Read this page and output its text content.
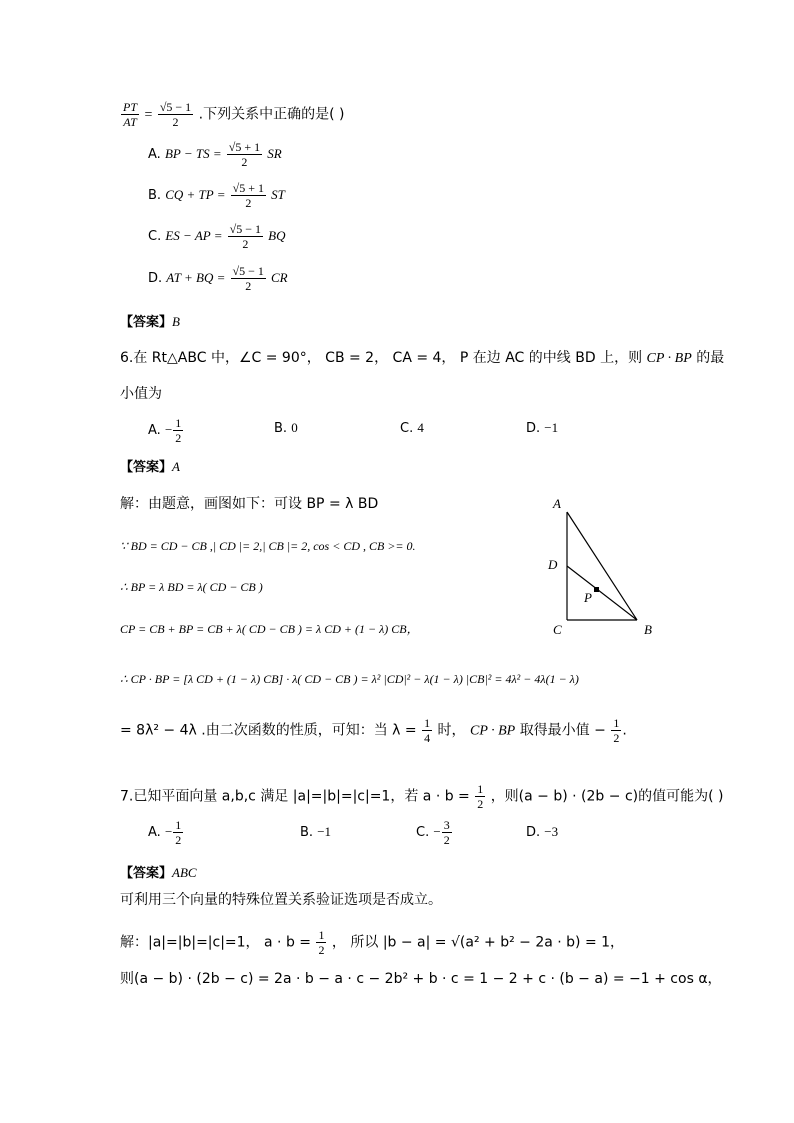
$\frac{PT}{AT} = \frac{√5 - 1}{2}$ .下列关系中正确的是( )
A. BP − TS = $\frac{√5 + 1}{2}$ SR
B. CQ + TP = $\frac{√5 + 1}{2}$ ST
C. ES − AP = $\frac{√5 - 1}{2}$ BQ
D. AT + BQ = $\frac{√5 - 1}{2}$ CR
【答案】B
6.在 Rt△ABC 中，∠C = 90°， CB = 2， CA = 4， P 在边 AC 的中线 BD 上，则 CP · BP 的最
小值为
A. − $\frac{1}{2}$	B. 0	C. 4	D. −1
【答案】A
解：由题意，画图如下：可设 BP = λ BD
∵ BD = CD − CB ,| CD |= 2,| CB |= 2, cos < CD , CB >= 0.
∴ BP = λ BD = λ( CD − CB )
CP = CB + BP = CB + λ( CD − CB ) = λ CD + (1 − λ) CB，
∴ CP · BP = [λ CD + (1 − λ) CB] · λ( CD − CB ) = λ² |CD|² − λ(1 − λ) |CB|² = 4λ² − 4λ(1 − λ)
= 8λ² − 4λ .由二次函数的性质，可知：当 $\lambda = \frac{1}{4}$ 时， CP · BP 取得最小值 − $\frac{1}{2}$ .
A
D
P
C	B
7.已知平面向量 a,b,c 满足 |a|=|b|=|c|=1，若 $a \cdot b = \frac{1}{2}$ ，则(a − b) · (2b − c)的值可能为( )
A. − $\frac{1}{2}$	B. −1	C. − $\frac{3}{2}$	D. −3
【答案】ABC
可利用三个向量的特殊位置关系验证选项是否成立。
解：|a|=|b|=|c|=1， $a \cdot b = \frac{1}{2}$ ， 所以 |b − a| = √(a² + b² − 2a · b) = 1，
则(a − b) · (2b − c) = 2a · b − a · c − 2b² + b · c = 1 − 2 + c · (b − a) = −1 + cos α，
